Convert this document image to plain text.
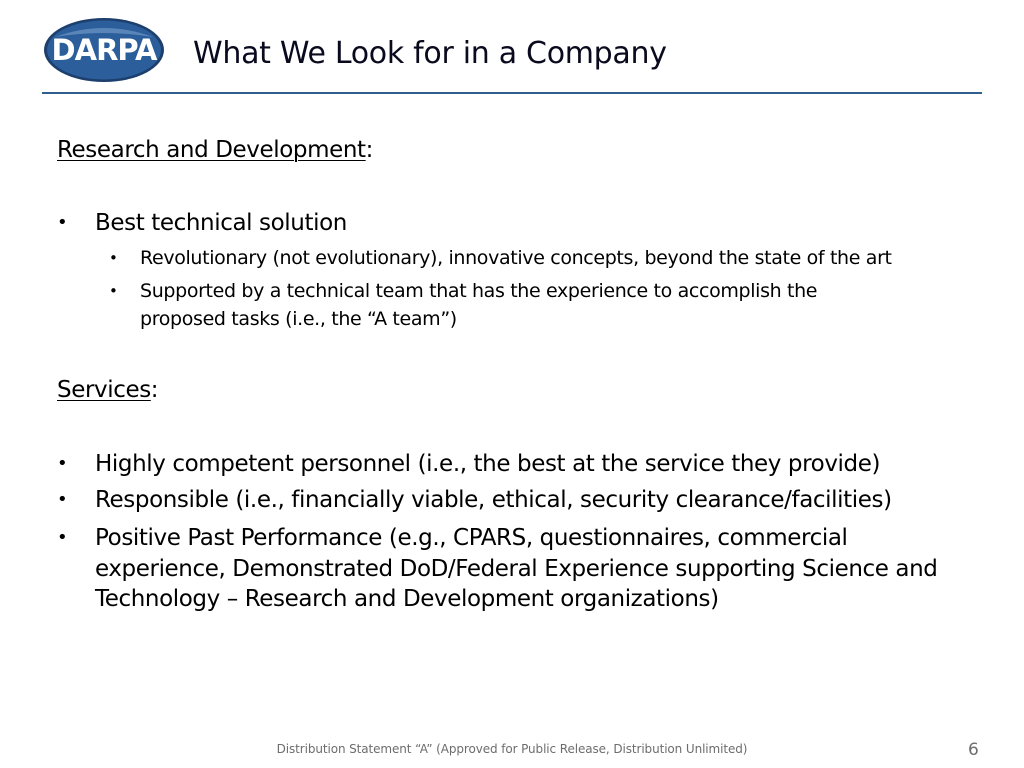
DARPA What We Look for in a Company

Research and Development:

• Best technical solution
• Revolutionary (not evolutionary), innovative concepts, beyond the state of the art
• Supported by a technical team that has the experience to accomplish the proposed tasks (i.e., the “A team”)

Services:

• Highly competent personnel (i.e., the best at the service they provide)
• Responsible (i.e., financially viable, ethical, security clearance/facilities)
• Positive Past Performance (e.g., CPARS, questionnaires, commercial experience, Demonstrated DoD/Federal Experience supporting Science and Technology – Research and Development organizations)
Distribution Statement “A” (Approved for Public Release, Distribution Unlimited)	6
